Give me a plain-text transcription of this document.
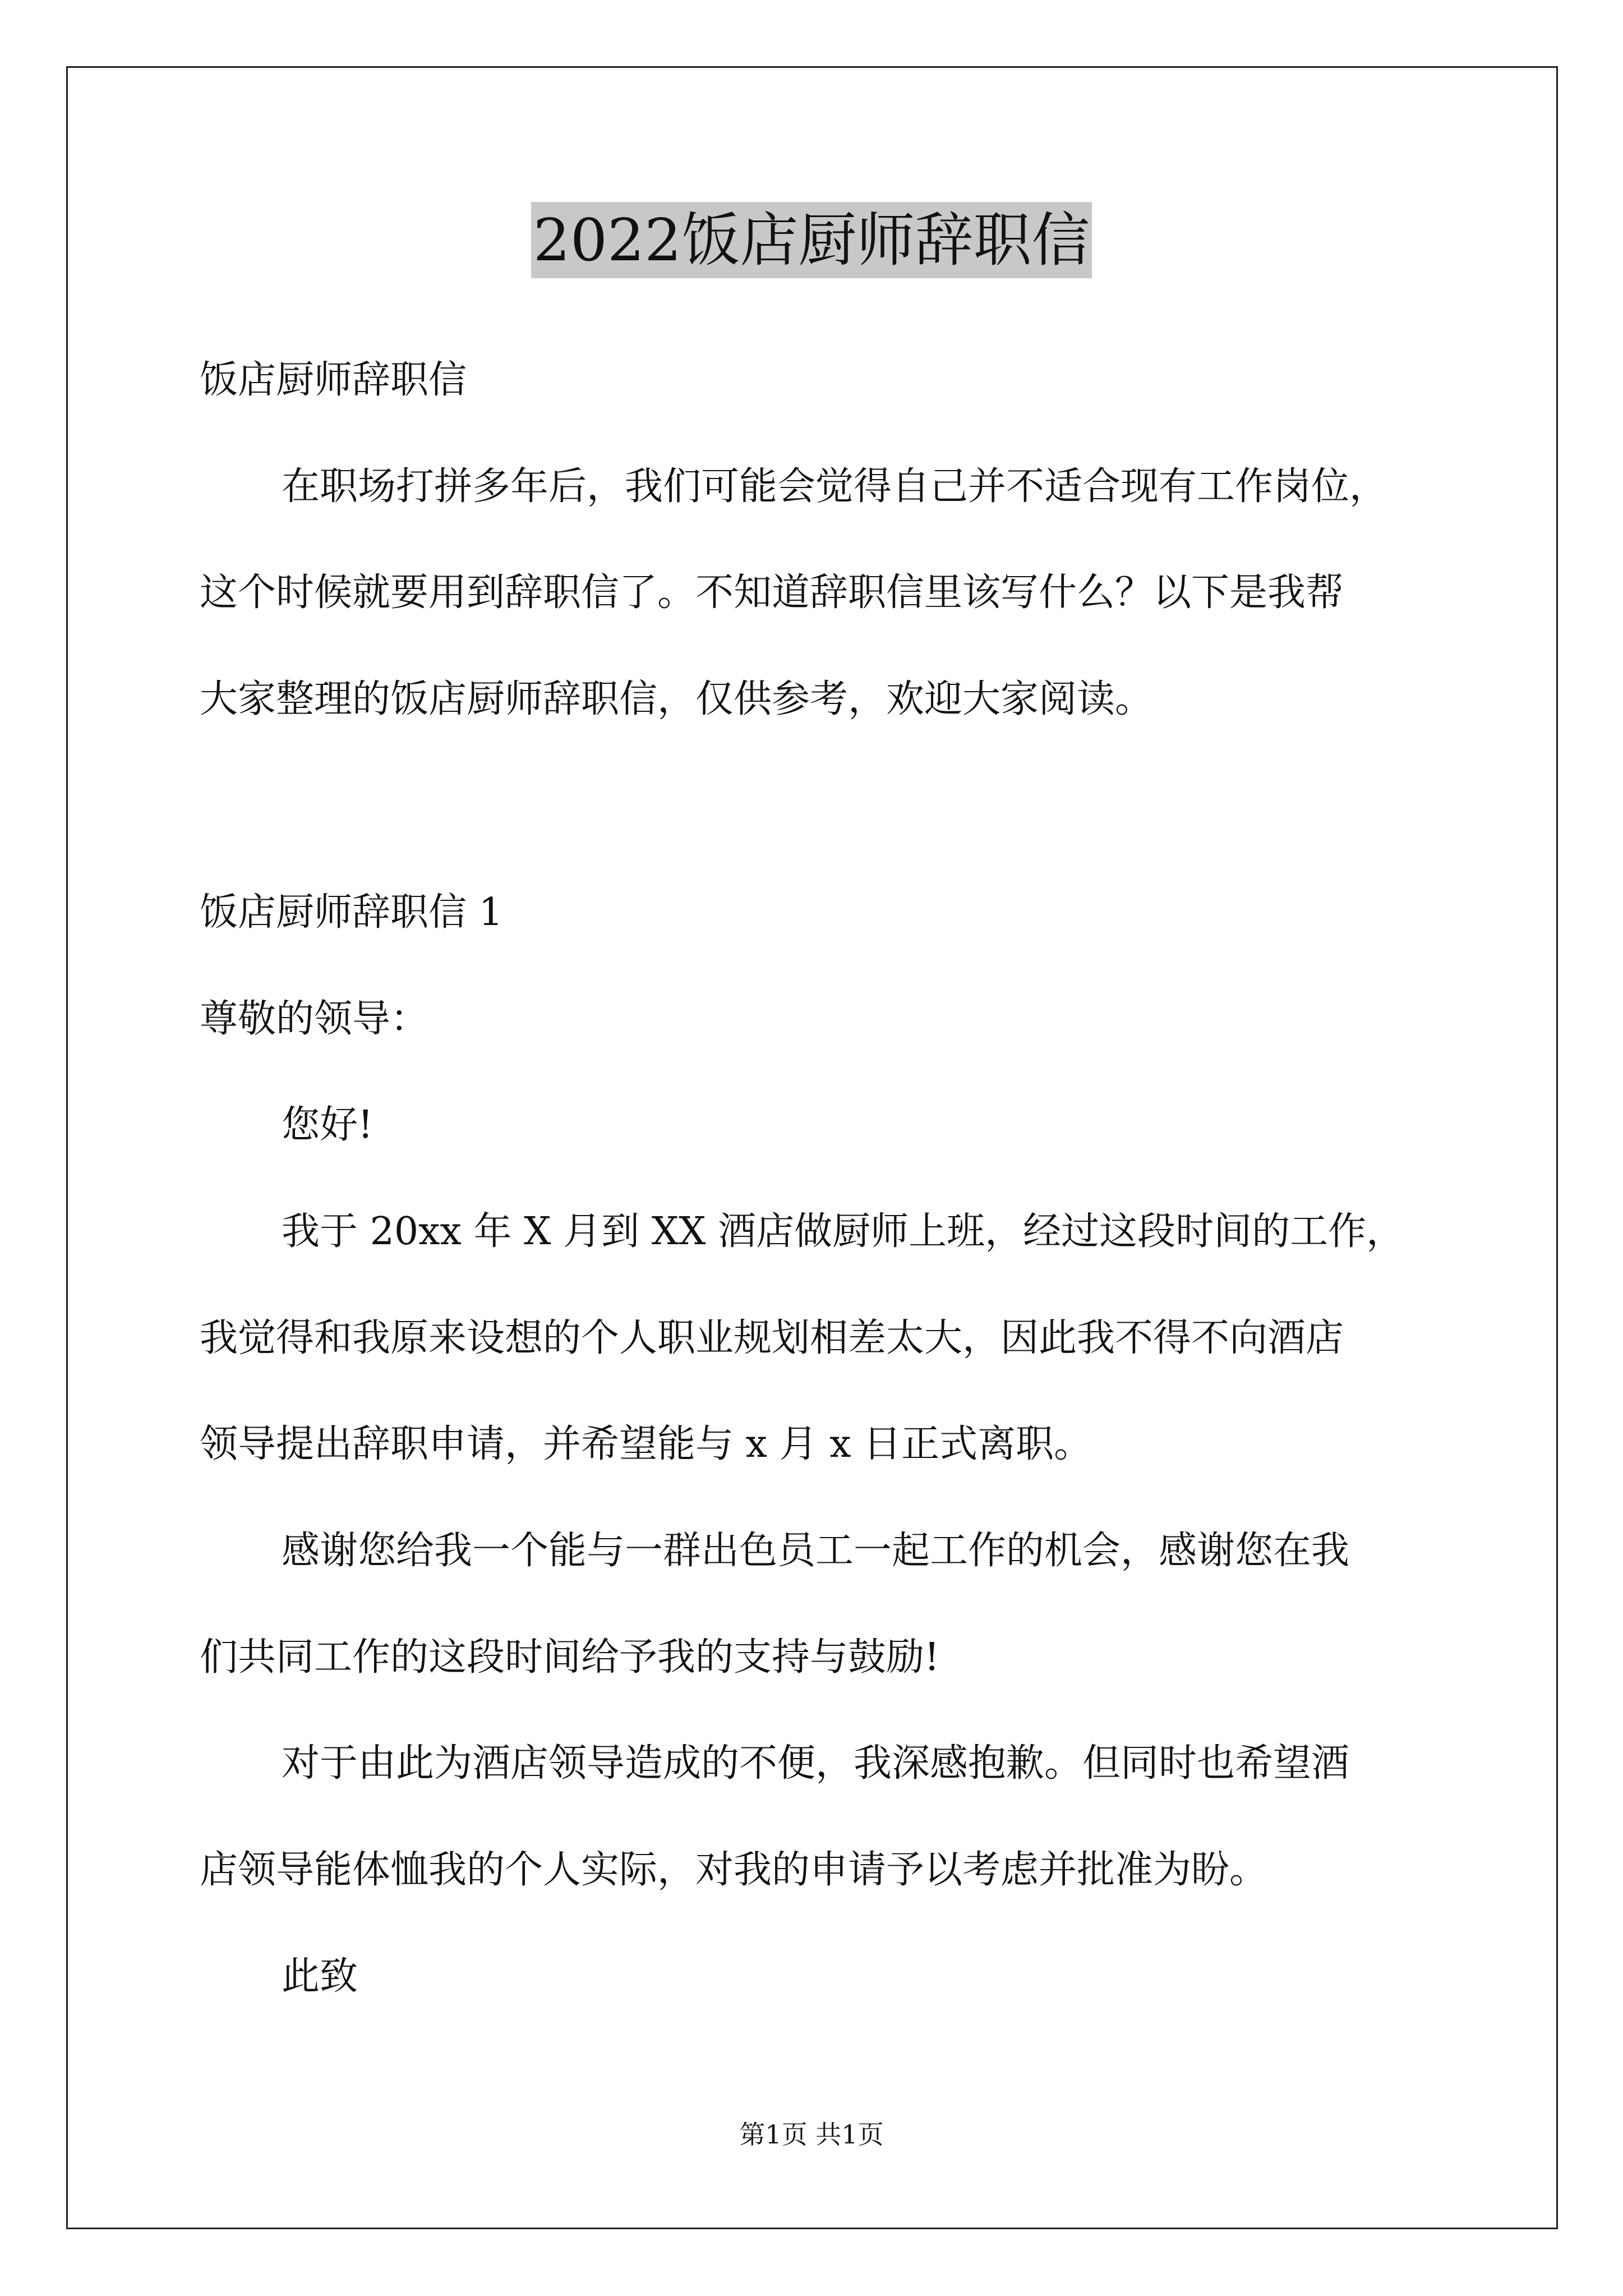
2022饭店厨师辞职信
饭店厨师辞职信
在职场打拼多年后，我们可能会觉得自己并不适合现有工作岗位，
这个时候就要用到辞职信了。不知道辞职信里该写什么？以下是我帮
大家整理的饭店厨师辞职信，仅供参考，欢迎大家阅读。
饭店厨师辞职信 1
尊敬的领导：
您好!
我于 20xx 年 X 月到 XX 酒店做厨师上班，经过这段时间的工作，
我觉得和我原来设想的个人职业规划相差太大，因此我不得不向酒店
领导提出辞职申请，并希望能与 x 月 x 日正式离职。
感谢您给我一个能与一群出色员工一起工作的机会，感谢您在我
们共同工作的这段时间给予我的支持与鼓励!
对于由此为酒店领导造成的不便，我深感抱歉。但同时也希望酒
店领导能体恤我的个人实际，对我的申请予以考虑并批准为盼。
此致
第1页 共1页
